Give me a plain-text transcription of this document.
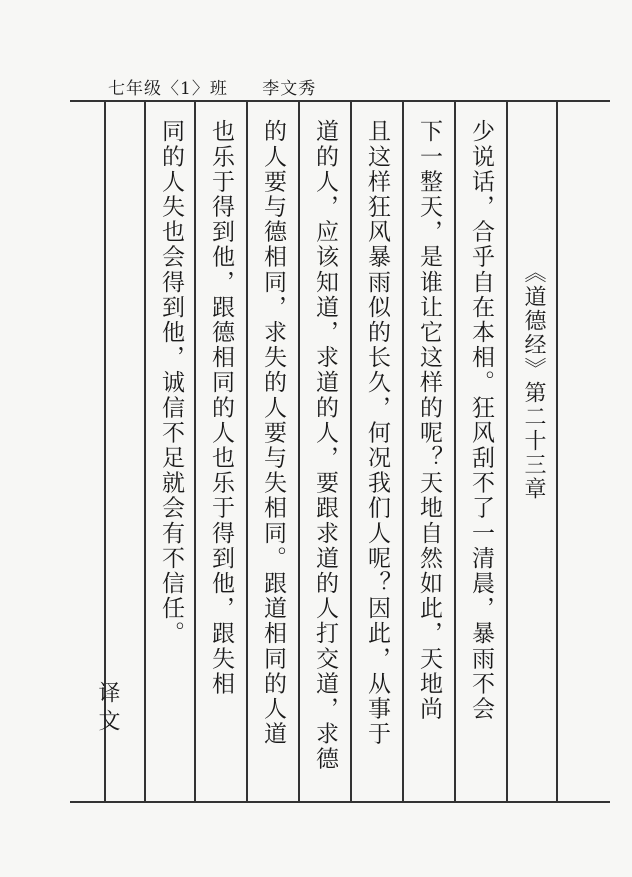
七年级〈1〉班 李文秀
译文	少说话，合乎自在本相。狂风刮不了一清晨，暴雨不会
下一整天，是谁让它这样的呢？天地自然如此，天地尚
且这样狂风暴雨似的长久，何况我们人呢？因此，从事于
道的人，应该知道，求道的人，要跟求道的人打交道，求德
的人要与德相同，求失的人要与失相同。跟道相同的人道
也乐于得到他，跟德相同的人也乐于得到他，跟失相
同的人失也会得到他，诚信不足就会有不信任。	《道德经》第二十三章
